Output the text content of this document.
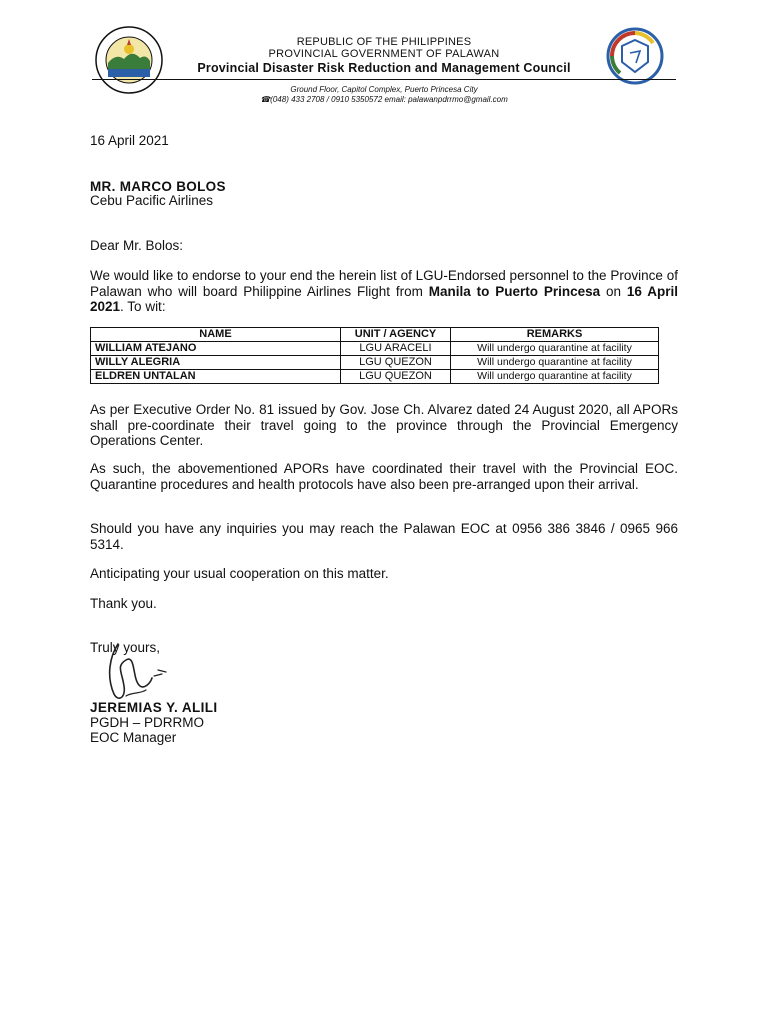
REPUBLIC OF THE PHILIPPINES
PROVINCIAL GOVERNMENT OF PALAWAN
Provincial Disaster Risk Reduction and Management Council
Ground Floor, Capitol Complex, Puerto Princesa City
☎(048) 433 2708 / 0910 5350572 email: palawanpdrrmo@gmail.com
16 April 2021
MR. MARCO BOLOS
Cebu Pacific Airlines
Dear Mr. Bolos:
We would like to endorse to your end the herein list of LGU-Endorsed personnel to the Province of Palawan who will board Philippine Airlines Flight from Manila to Puerto Princesa on 16 April 2021. To wit:
NAME	UNIT / AGENCY	REMARKS
WILLIAM ATEJANO	LGU ARACELI	Will undergo quarantine at facility
WILLY ALEGRIA	LGU QUEZON	Will undergo quarantine at facility
ELDREN UNTALAN	LGU QUEZON	Will undergo quarantine at facility
As per Executive Order No. 81 issued by Gov. Jose Ch. Alvarez dated 24 August 2020, all APORs shall pre-coordinate their travel going to the province through the Provincial Emergency Operations Center.
As such, the abovementioned APORs have coordinated their travel with the Provincial EOC. Quarantine procedures and health protocols have also been pre-arranged upon their arrival.
Should you have any inquiries you may reach the Palawan EOC at 0956 386 3846 / 0965 966 5314.
Anticipating your usual cooperation on this matter.
Thank you.
Truly yours,
JEREMIAS Y. ALILI
PGDH – PDRRMO
EOC Manager
